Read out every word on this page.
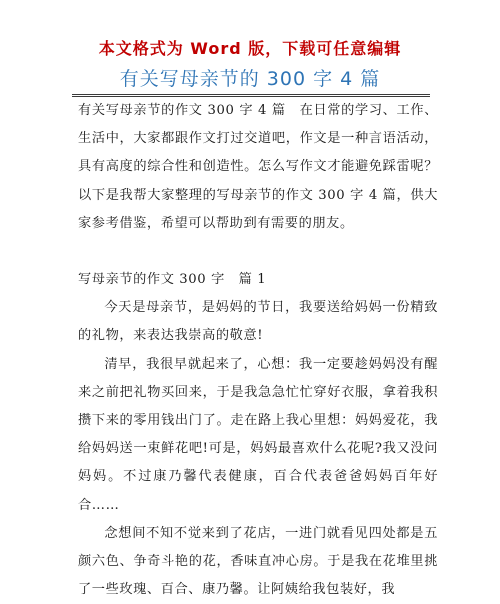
本文格式为 Word 版，下载可任意编辑
有关写母亲节的 300 字 4 篇

有关写母亲节的作文 300 字 4 篇　在日常的学习、工作、生活中，大家都跟作文打过交道吧，作文是一种言语活动，具有高度的综合性和创造性。怎么写作文才能避免踩雷呢？以下是我帮大家整理的写母亲节的作文 300 字 4 篇，供大家参考借鉴，希望可以帮助到有需要的朋友。

写母亲节的作文 300 字　篇 1

今天是母亲节，是妈妈的节日，我要送给妈妈一份精致的礼物，来表达我崇高的敬意!

清早，我很早就起来了，心想：我一定要趁妈妈没有醒来之前把礼物买回来，于是我急急忙忙穿好衣服，拿着我积攒下来的零用钱出门了。走在路上我心里想：妈妈爱花，我给妈妈送一束鲜花吧!可是，妈妈最喜欢什么花呢?我又没问妈妈。不过康乃馨代表健康，百合代表爸爸妈妈百年好合……

念想间不知不觉来到了花店，一进门就看见四处都是五颜六色、争奇斗艳的花，香味直冲心房。于是我在花堆里挑了一些玫瑰、百合、康乃馨。让阿姨给我包装好，我
